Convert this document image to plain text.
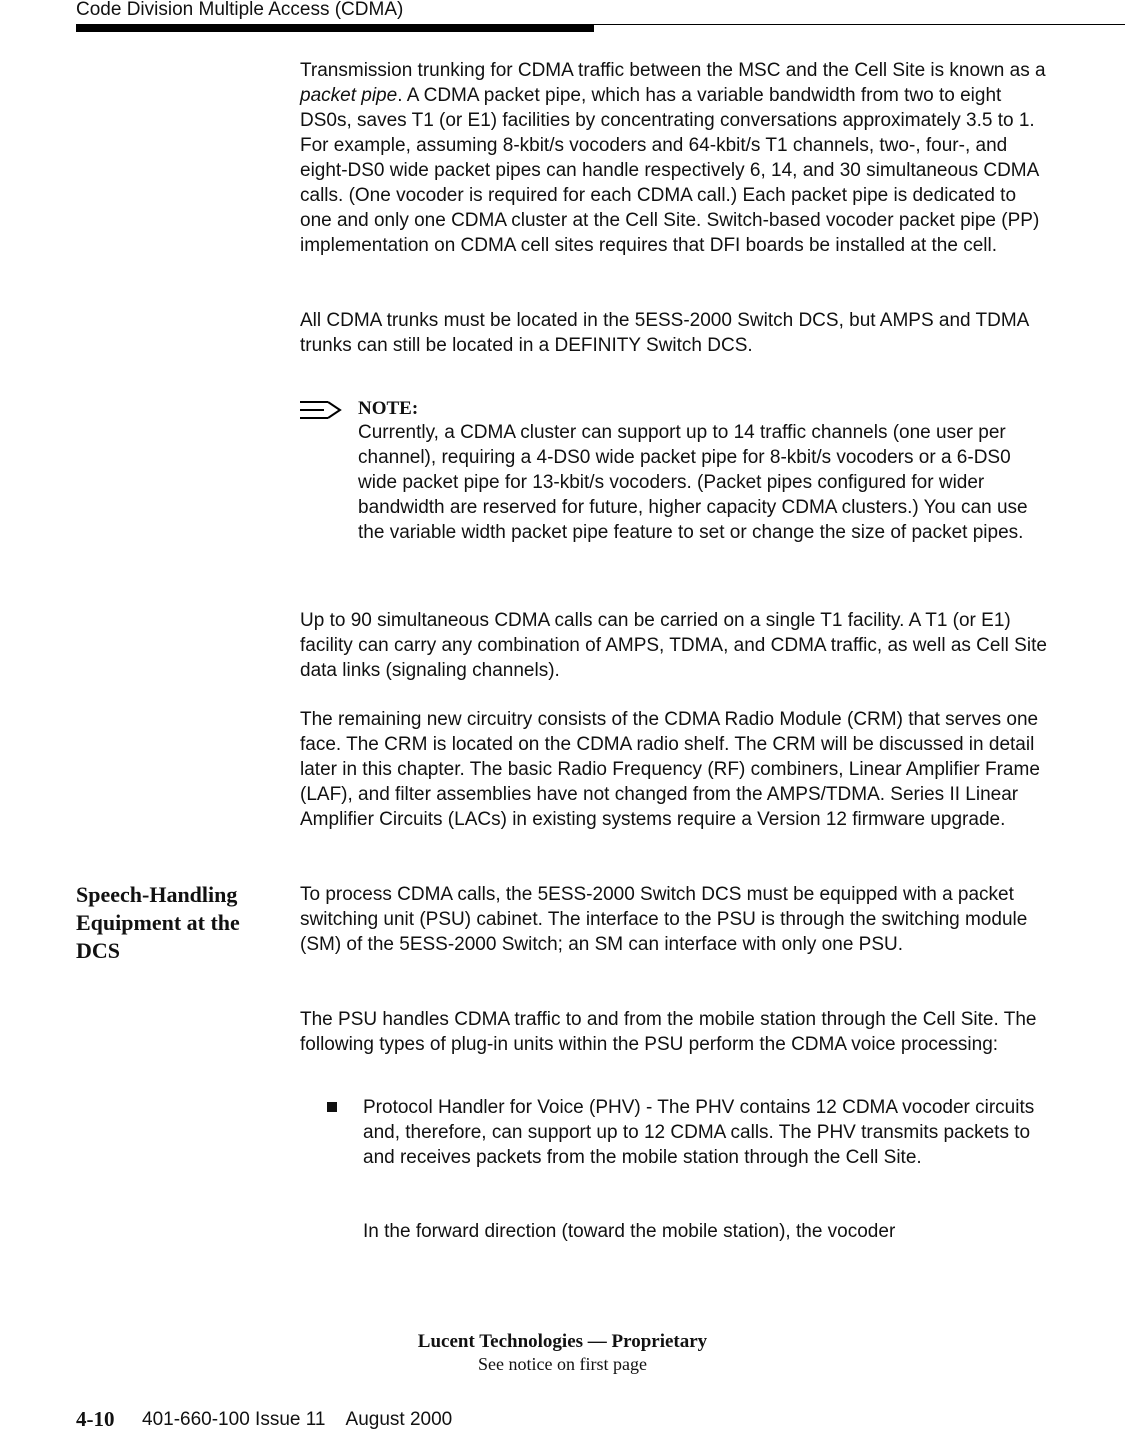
Code Division Multiple Access (CDMA)

Transmission trunking for CDMA traffic between the MSC and the Cell Site is known as a packet pipe. A CDMA packet pipe, which has a variable bandwidth from two to eight DS0s, saves T1 (or E1) facilities by concentrating conversations approximately 3.5 to 1. For example, assuming 8-kbit/s vocoders and 64-kbit/s T1 channels, two-, four-, and eight-DS0 wide packet pipes can handle respectively 6, 14, and 30 simultaneous CDMA calls. (One vocoder is required for each CDMA call.) Each packet pipe is dedicated to one and only one CDMA cluster at the Cell Site. Switch-based vocoder packet pipe (PP) implementation on CDMA cell sites requires that DFI boards be installed at the cell.

All CDMA trunks must be located in the 5ESS-2000 Switch DCS, but AMPS and TDMA trunks can still be located in a DEFINITY Switch DCS.

NOTE:
Currently, a CDMA cluster can support up to 14 traffic channels (one user per channel), requiring a 4-DS0 wide packet pipe for 8-kbit/s vocoders or a 6-DS0 wide packet pipe for 13-kbit/s vocoders. (Packet pipes configured for wider bandwidth are reserved for future, higher capacity CDMA clusters.) You can use the variable width packet pipe feature to set or change the size of packet pipes.

Up to 90 simultaneous CDMA calls can be carried on a single T1 facility. A T1 (or E1) facility can carry any combination of AMPS, TDMA, and CDMA traffic, as well as Cell Site data links (signaling channels).

The remaining new circuitry consists of the CDMA Radio Module (CRM) that serves one face. The CRM is located on the CDMA radio shelf. The CRM will be discussed in detail later in this chapter. The basic Radio Frequency (RF) combiners, Linear Amplifier Frame (LAF), and filter assemblies have not changed from the AMPS/TDMA. Series II Linear Amplifier Circuits (LACs) in existing systems require a Version 12 firmware upgrade.

Speech-Handling Equipment at the DCS

To process CDMA calls, the 5ESS-2000 Switch DCS must be equipped with a packet switching unit (PSU) cabinet. The interface to the PSU is through the switching module (SM) of the 5ESS-2000 Switch; an SM can interface with only one PSU.

The PSU handles CDMA traffic to and from the mobile station through the Cell Site. The following types of plug-in units within the PSU perform the CDMA voice processing:

Protocol Handler for Voice (PHV) - The PHV contains 12 CDMA vocoder circuits and, therefore, can support up to 12 CDMA calls. The PHV transmits packets to and receives packets from the mobile station through the Cell Site.
In the forward direction (toward the mobile station), the vocoder
Lucent Technologies — Proprietary
See notice on first page
4-10 401-660-100 Issue 11    August 2000
